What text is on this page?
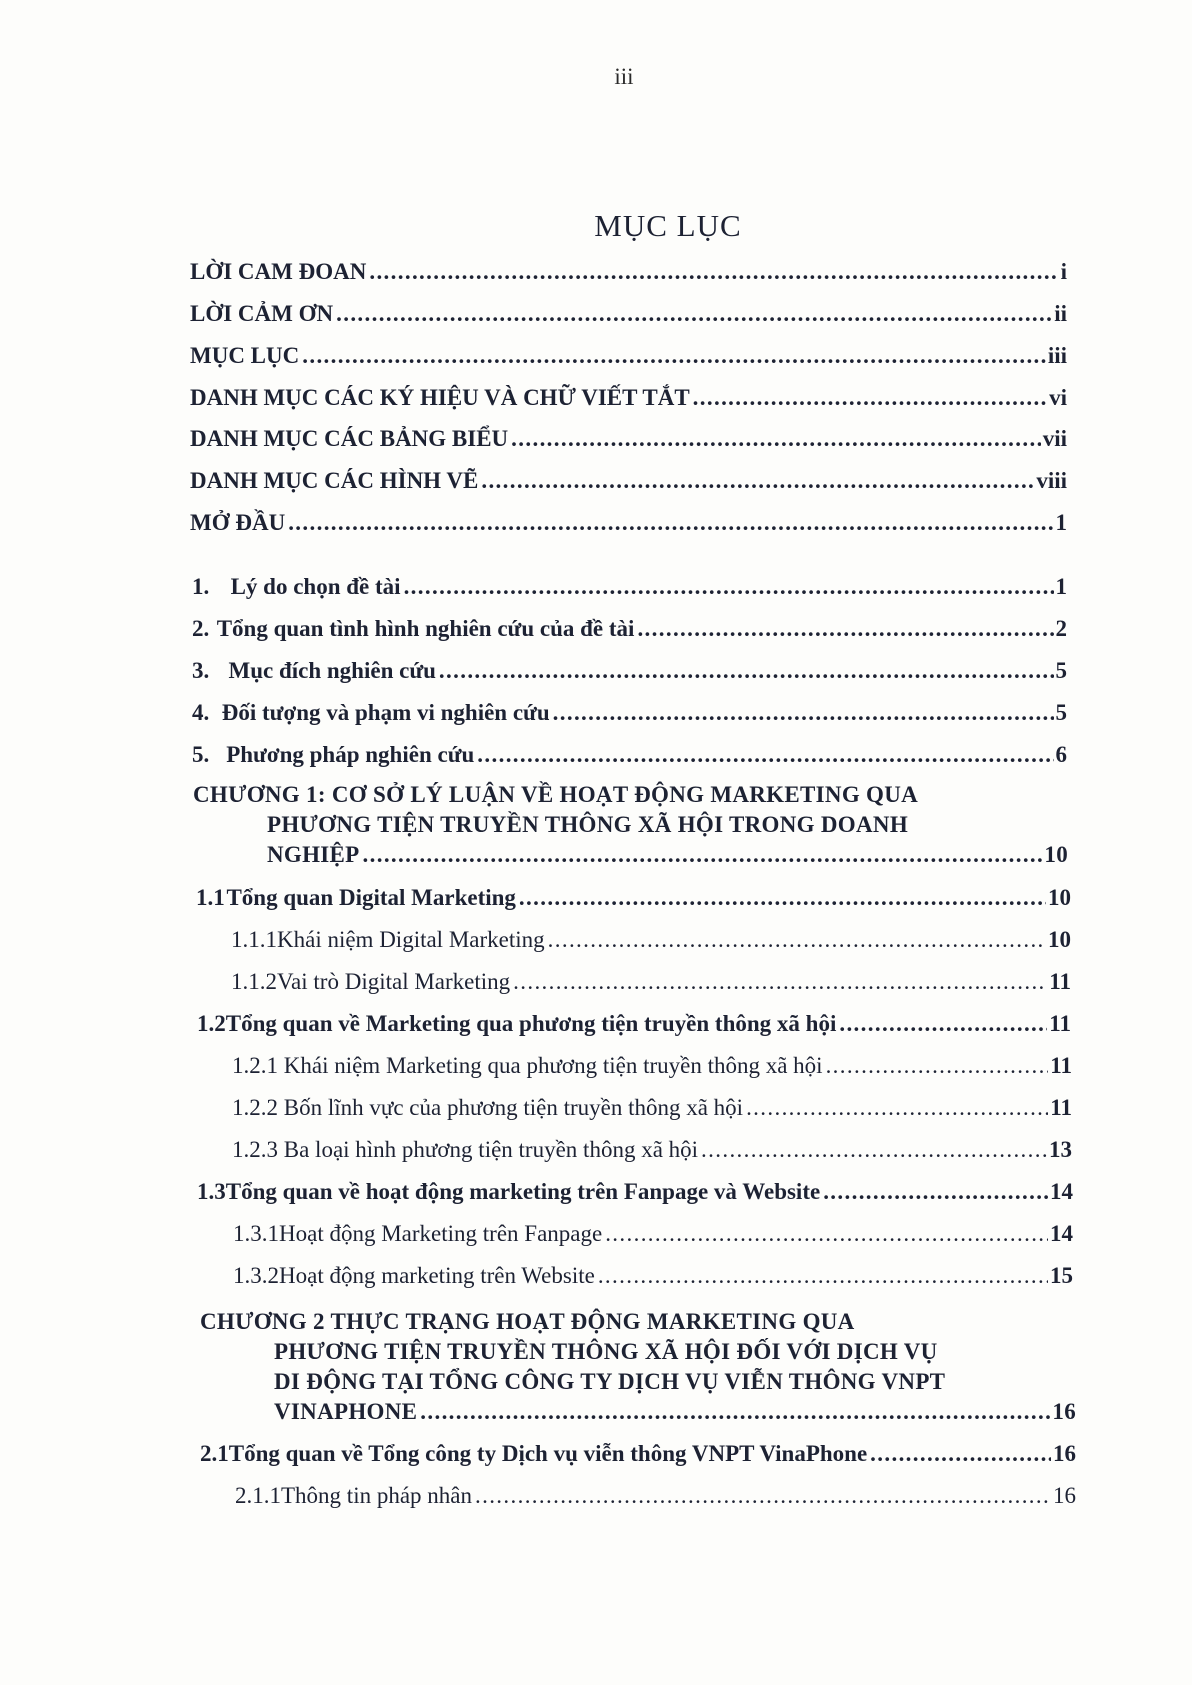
iii
MỤC LỤC
LỜI CAM ĐOAN . . .	i
LỜI CẢM ƠN . . .	ii
MỤC LỤC . . .	iii
DANH MỤC CÁC KÝ HIỆU VÀ CHỮ VIẾT TẮT . . .	vi
DANH MỤC CÁC BẢNG BIỂU . . .	vii
DANH MỤC CÁC HÌNH VẼ . . .	viii
MỞ ĐẦU . . .	1
1. Lý do chọn đề tài . . .	1
2. Tổng quan tình hình nghiên cứu của đề tài . . .	2
3. Mục đích nghiên cứu . . .	5
4. Đối tượng và phạm vi nghiên cứu . . .	5
5. Phương pháp nghiên cứu . . .	6
CHƯƠNG 1: CƠ SỞ LÝ LUẬN VỀ HOẠT ĐỘNG MARKETING QUA
PHƯƠNG TIỆN TRUYỀN THÔNG XÃ HỘI TRONG DOANH
NGHIỆP . . .	10
1.1 Tổng quan Digital Marketing . . .	10
1.1.1 Khái niệm Digital Marketing . . .	10
1.1.2 Vai trò Digital Marketing . . .	11
1.2 Tổng quan về Marketing qua phương tiện truyền thông xã hội . . .	11
1.2.1 Khái niệm Marketing qua phương tiện truyền thông xã hội . . .	11
1.2.2 Bốn lĩnh vực của phương tiện truyền thông xã hội . . .	11
1.2.3 Ba loại hình phương tiện truyền thông xã hội . . .	13
1.3 Tổng quan về hoạt động marketing trên Fanpage và Website . . .	14
1.3.1 Hoạt động Marketing trên Fanpage . . .	14
1.3.2 Hoạt động marketing trên Website . . .	15
CHƯƠNG 2 THỰC TRẠNG HOẠT ĐỘNG MARKETING QUA
PHƯƠNG TIỆN TRUYỀN THÔNG XÃ HỘI ĐỐI VỚI DỊCH VỤ
DI ĐỘNG TẠI TỔNG CÔNG TY DỊCH VỤ VIỄN THÔNG VNPT
VINAPHONE . . .	16
2.1 Tổng quan về Tổng công ty Dịch vụ viễn thông VNPT VinaPhone . . .	16
2.1.1 Thông tin pháp nhân . . .	16
